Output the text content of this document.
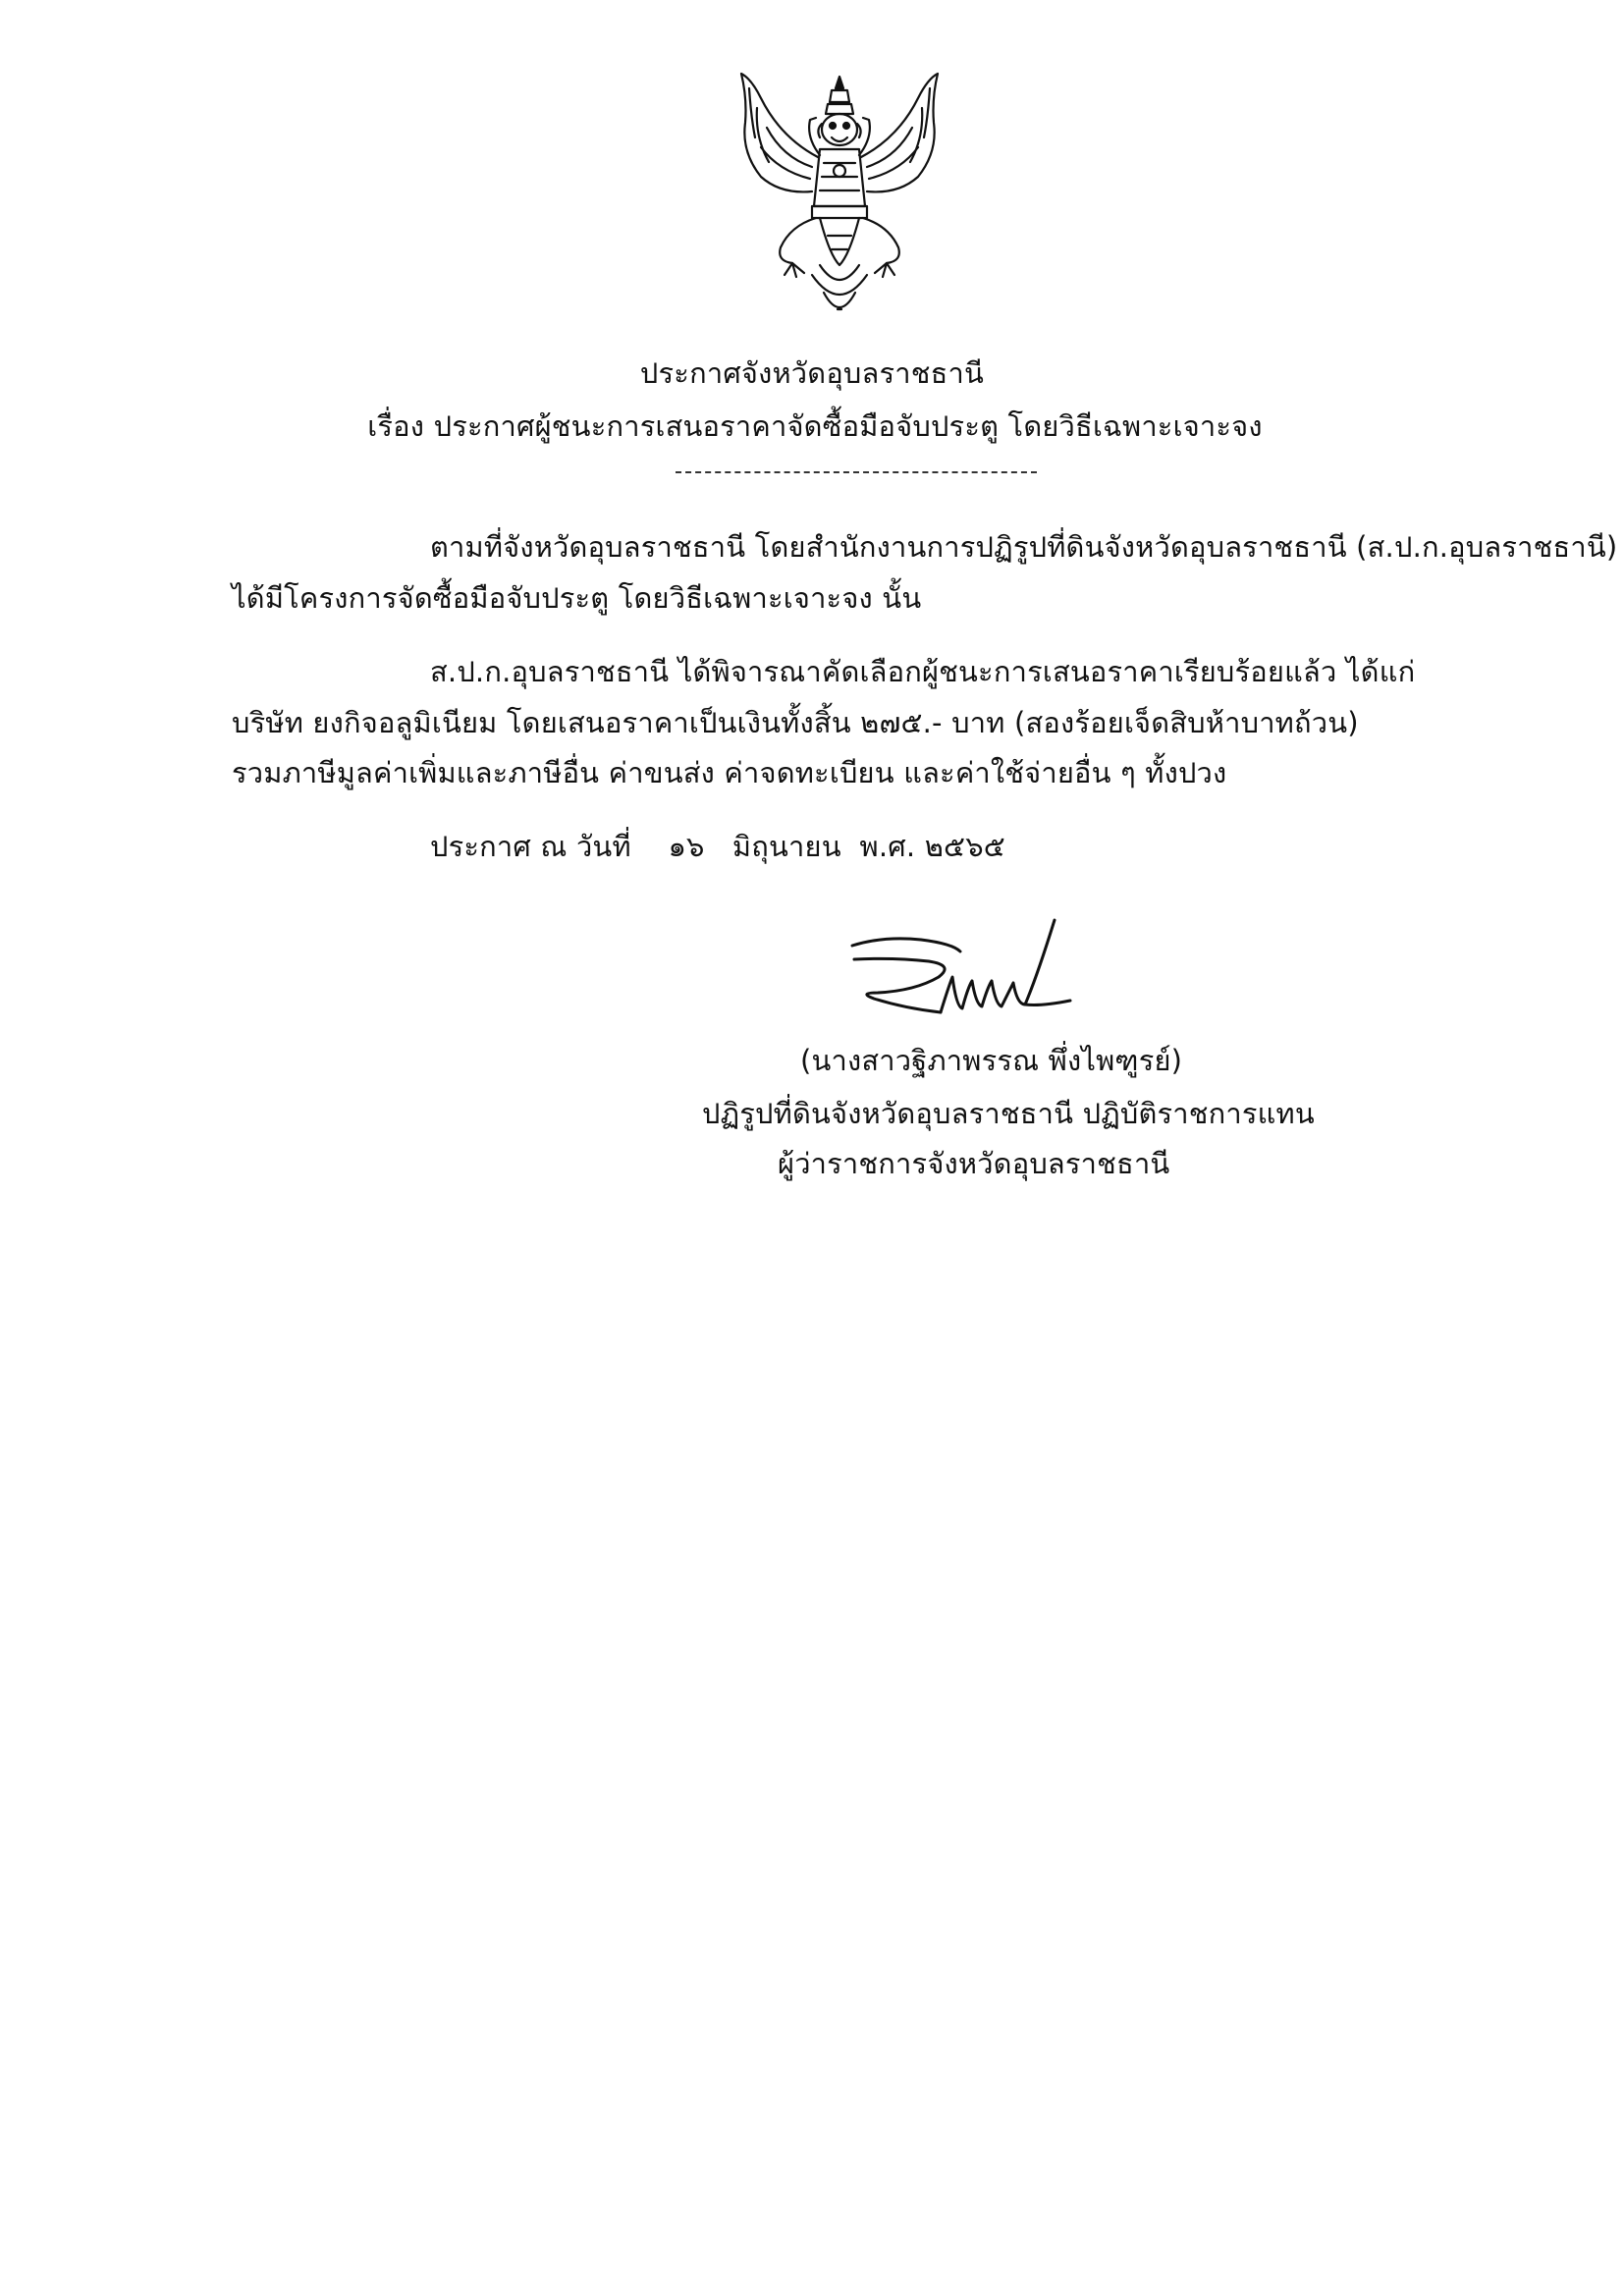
ประกาศจังหวัดอุบลราชธานี
เรื่อง ประกาศผู้ชนะการเสนอราคาจัดซื้อมือจับประตู โดยวิธีเฉพาะเจาะจง
ตามที่จังหวัดอุบลราชธานี โดยสำนักงานการปฏิรูปที่ดินจังหวัดอุบลราชธานี (ส.ป.ก.อุบลราชธานี)
ได้มีโครงการจัดซื้อมือจับประตู โดยวิธีเฉพาะเจาะจง นั้น
ส.ป.ก.อุบลราชธานี ได้พิจารณาคัดเลือกผู้ชนะการเสนอราคาเรียบร้อยแล้ว ได้แก่
บริษัท ยงกิจอลูมิเนียม โดยเสนอราคาเป็นเงินทั้งสิ้น ๒๗๕.- บาท (สองร้อยเจ็ดสิบห้าบาทถ้วน)
รวมภาษีมูลค่าเพิ่มและภาษีอื่น ค่าขนส่ง ค่าจดทะเบียน และค่าใช้จ่ายอื่น ๆ ทั้งปวง
ประกาศ ณ วันที่    ๑๖   มิถุนายน  พ.ศ. ๒๕๖๕
(นางสาวฐิภาพรรณ พึ่งไพฑูรย์)
ปฏิรูปที่ดินจังหวัดอุบลราชธานี ปฏิบัติราชการแทน
ผู้ว่าราชการจังหวัดอุบลราชธานี
